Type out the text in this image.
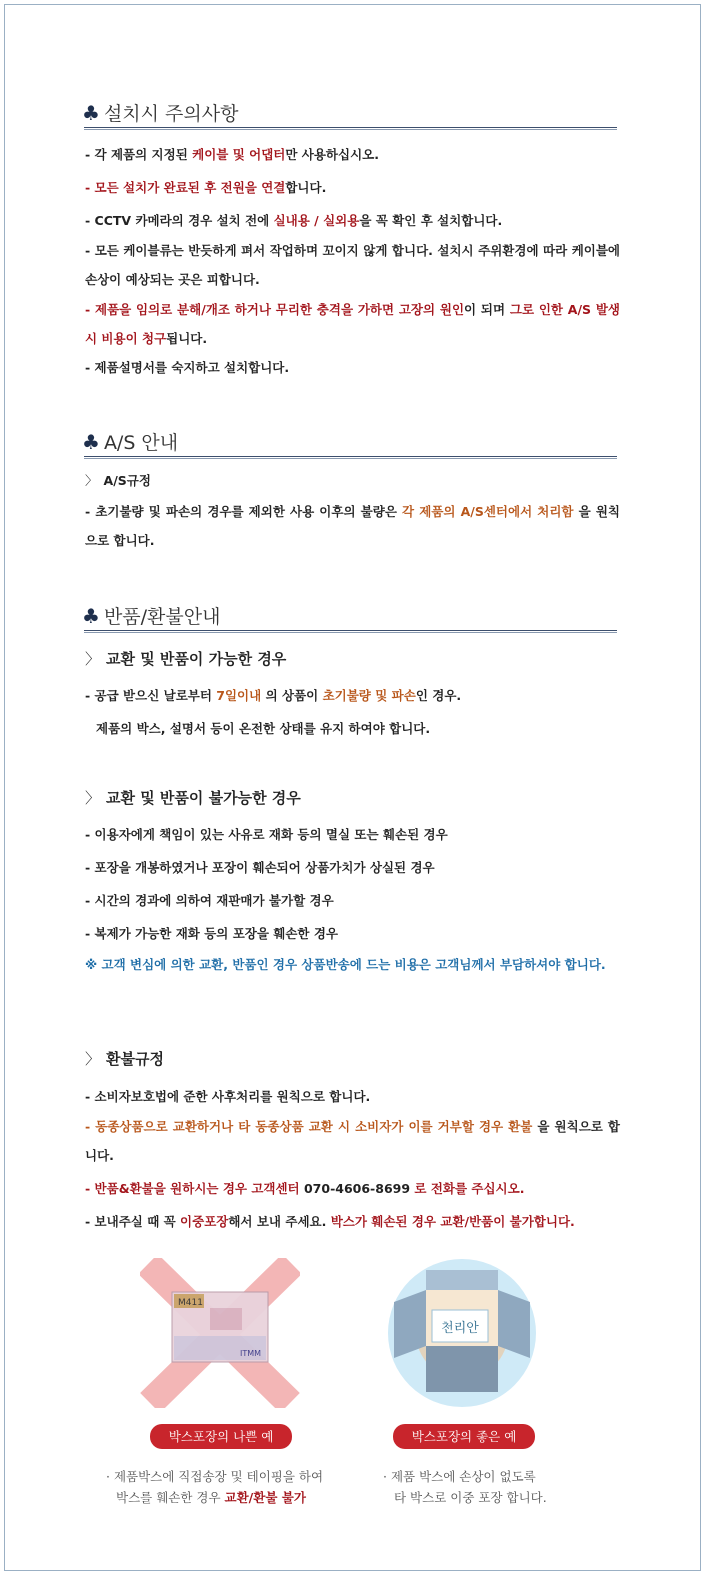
♣ 설치시 주의사항
- 각 제품의 지정된 케이블 및 어댑터만 사용하십시오.
- 모든 설치가 완료된 후 전원을 연결합니다.
- CCTV 카메라의 경우 설치 전에 실내용 / 실외용을 꼭 확인 후 설치합니다.
- 모든 케이블류는 반듯하게 펴서 작업하며 꼬이지 않게 합니다. 설치시 주위환경에 따라 케이블에 손상이 예상되는 곳은 피합니다.
- 제품을 임의로 분해/개조 하거나 무리한 충격을 가하면 고장의 원인이 되며 그로 인한 A/S 발생시 비용이 청구됩니다.
- 제품설명서를 숙지하고 설치합니다.
♣ A/S 안내
〉 A/S규정
- 초기불량 및 파손의 경우를 제외한 사용 이후의 불량은 각 제품의 A/S센터에서 처리함 을 원칙으로 합니다.
♣ 반품/환불안내
〉 교환 및 반품이 가능한 경우
- 공급 받으신 날로부터 7일이내 의 상품이 초기불량 및 파손인 경우.
제품의 박스, 설명서 등이 온전한 상태를 유지 하여야 합니다.
〉 교환 및 반품이 불가능한 경우
- 이용자에게 책임이 있는 사유로 재화 등의 멸실 또는 훼손된 경우
- 포장을 개봉하였거나 포장이 훼손되어 상품가치가 상실된 경우
- 시간의 경과에 의하여 재판매가 불가할 경우
- 복제가 가능한 재화 등의 포장을 훼손한 경우
※ 고객 변심에 의한 교환, 반품인 경우 상품반송에 드는 비용은 고객님께서 부담하셔야 합니다.
〉 환불규정
- 소비자보호법에 준한 사후처리를 원칙으로 합니다.
- 동종상품으로 교환하거나 타 동종상품 교환 시 소비자가 이를 거부할 경우 환불 을 원칙으로 합니다.
- 반품&환불을 원하시는 경우 고객센터 070-4606-8699 로 전화를 주십시오.
- 보내주실 때 꼭 이중포장해서 보내 주세요. 박스가 훼손된 경우 교환/반품이 불가합니다.
M411
ITMM
박스포장의 나쁜 예
· 제품박스에 직접송장 및 테이핑을 하여
박스를 훼손한 경우 교환/환불 불가
천리안
박스포장의 좋은 예
· 제품 박스에 손상이 없도록
타 박스로 이중 포장 합니다.
